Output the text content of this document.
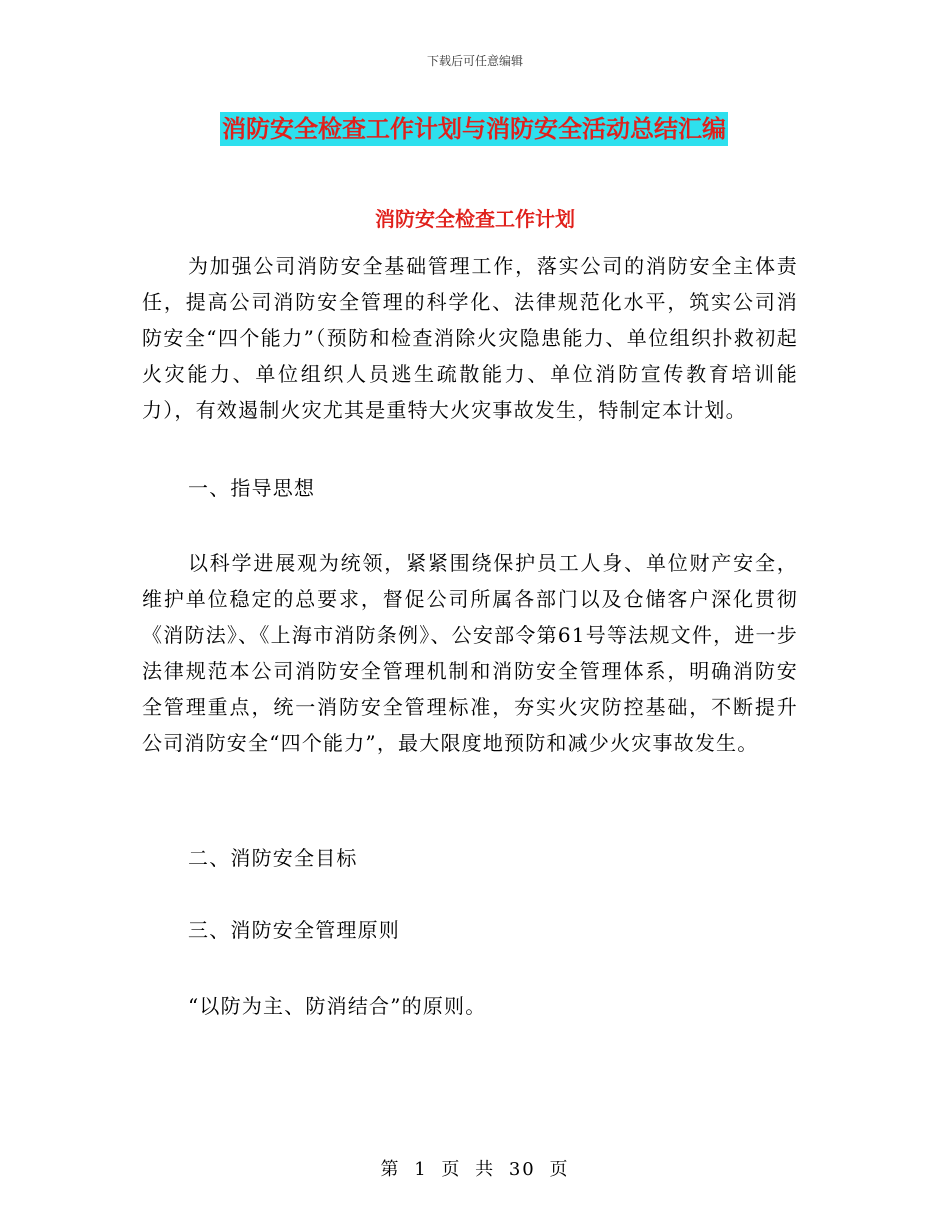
下载后可任意编辑
消防安全检查工作计划与消防安全活动总结汇编
消防安全检查工作计划

为加强公司消防安全基础管理工作，落实公司的消防安全主体责任，提高公司消防安全管理的科学化、法律规范化水平，筑实公司消防安全“四个能力”（预防和检查消除火灾隐患能力、单位组织扑救初起火灾能力、单位组织人员逃生疏散能力、单位消防宣传教育培训能力），有效遏制火灾尤其是重特大火灾事故发生，特制定本计划。

一、指导思想

以科学进展观为统领，紧紧围绕保护员工人身、单位财产安全，维护单位稳定的总要求，督促公司所属各部门以及仓储客户深化贯彻《消防法》、《上海市消防条例》、公安部令第61号等法规文件，进一步法律规范本公司消防安全管理机制和消防安全管理体系，明确消防安全管理重点，统一消防安全管理标准，夯实火灾防控基础，不断提升公司消防安全“四个能力”，最大限度地预防和减少火灾事故发生。

二、消防安全目标

三、消防安全管理原则

“以防为主、防消结合”的原则。

第 1 页 共 30 页
